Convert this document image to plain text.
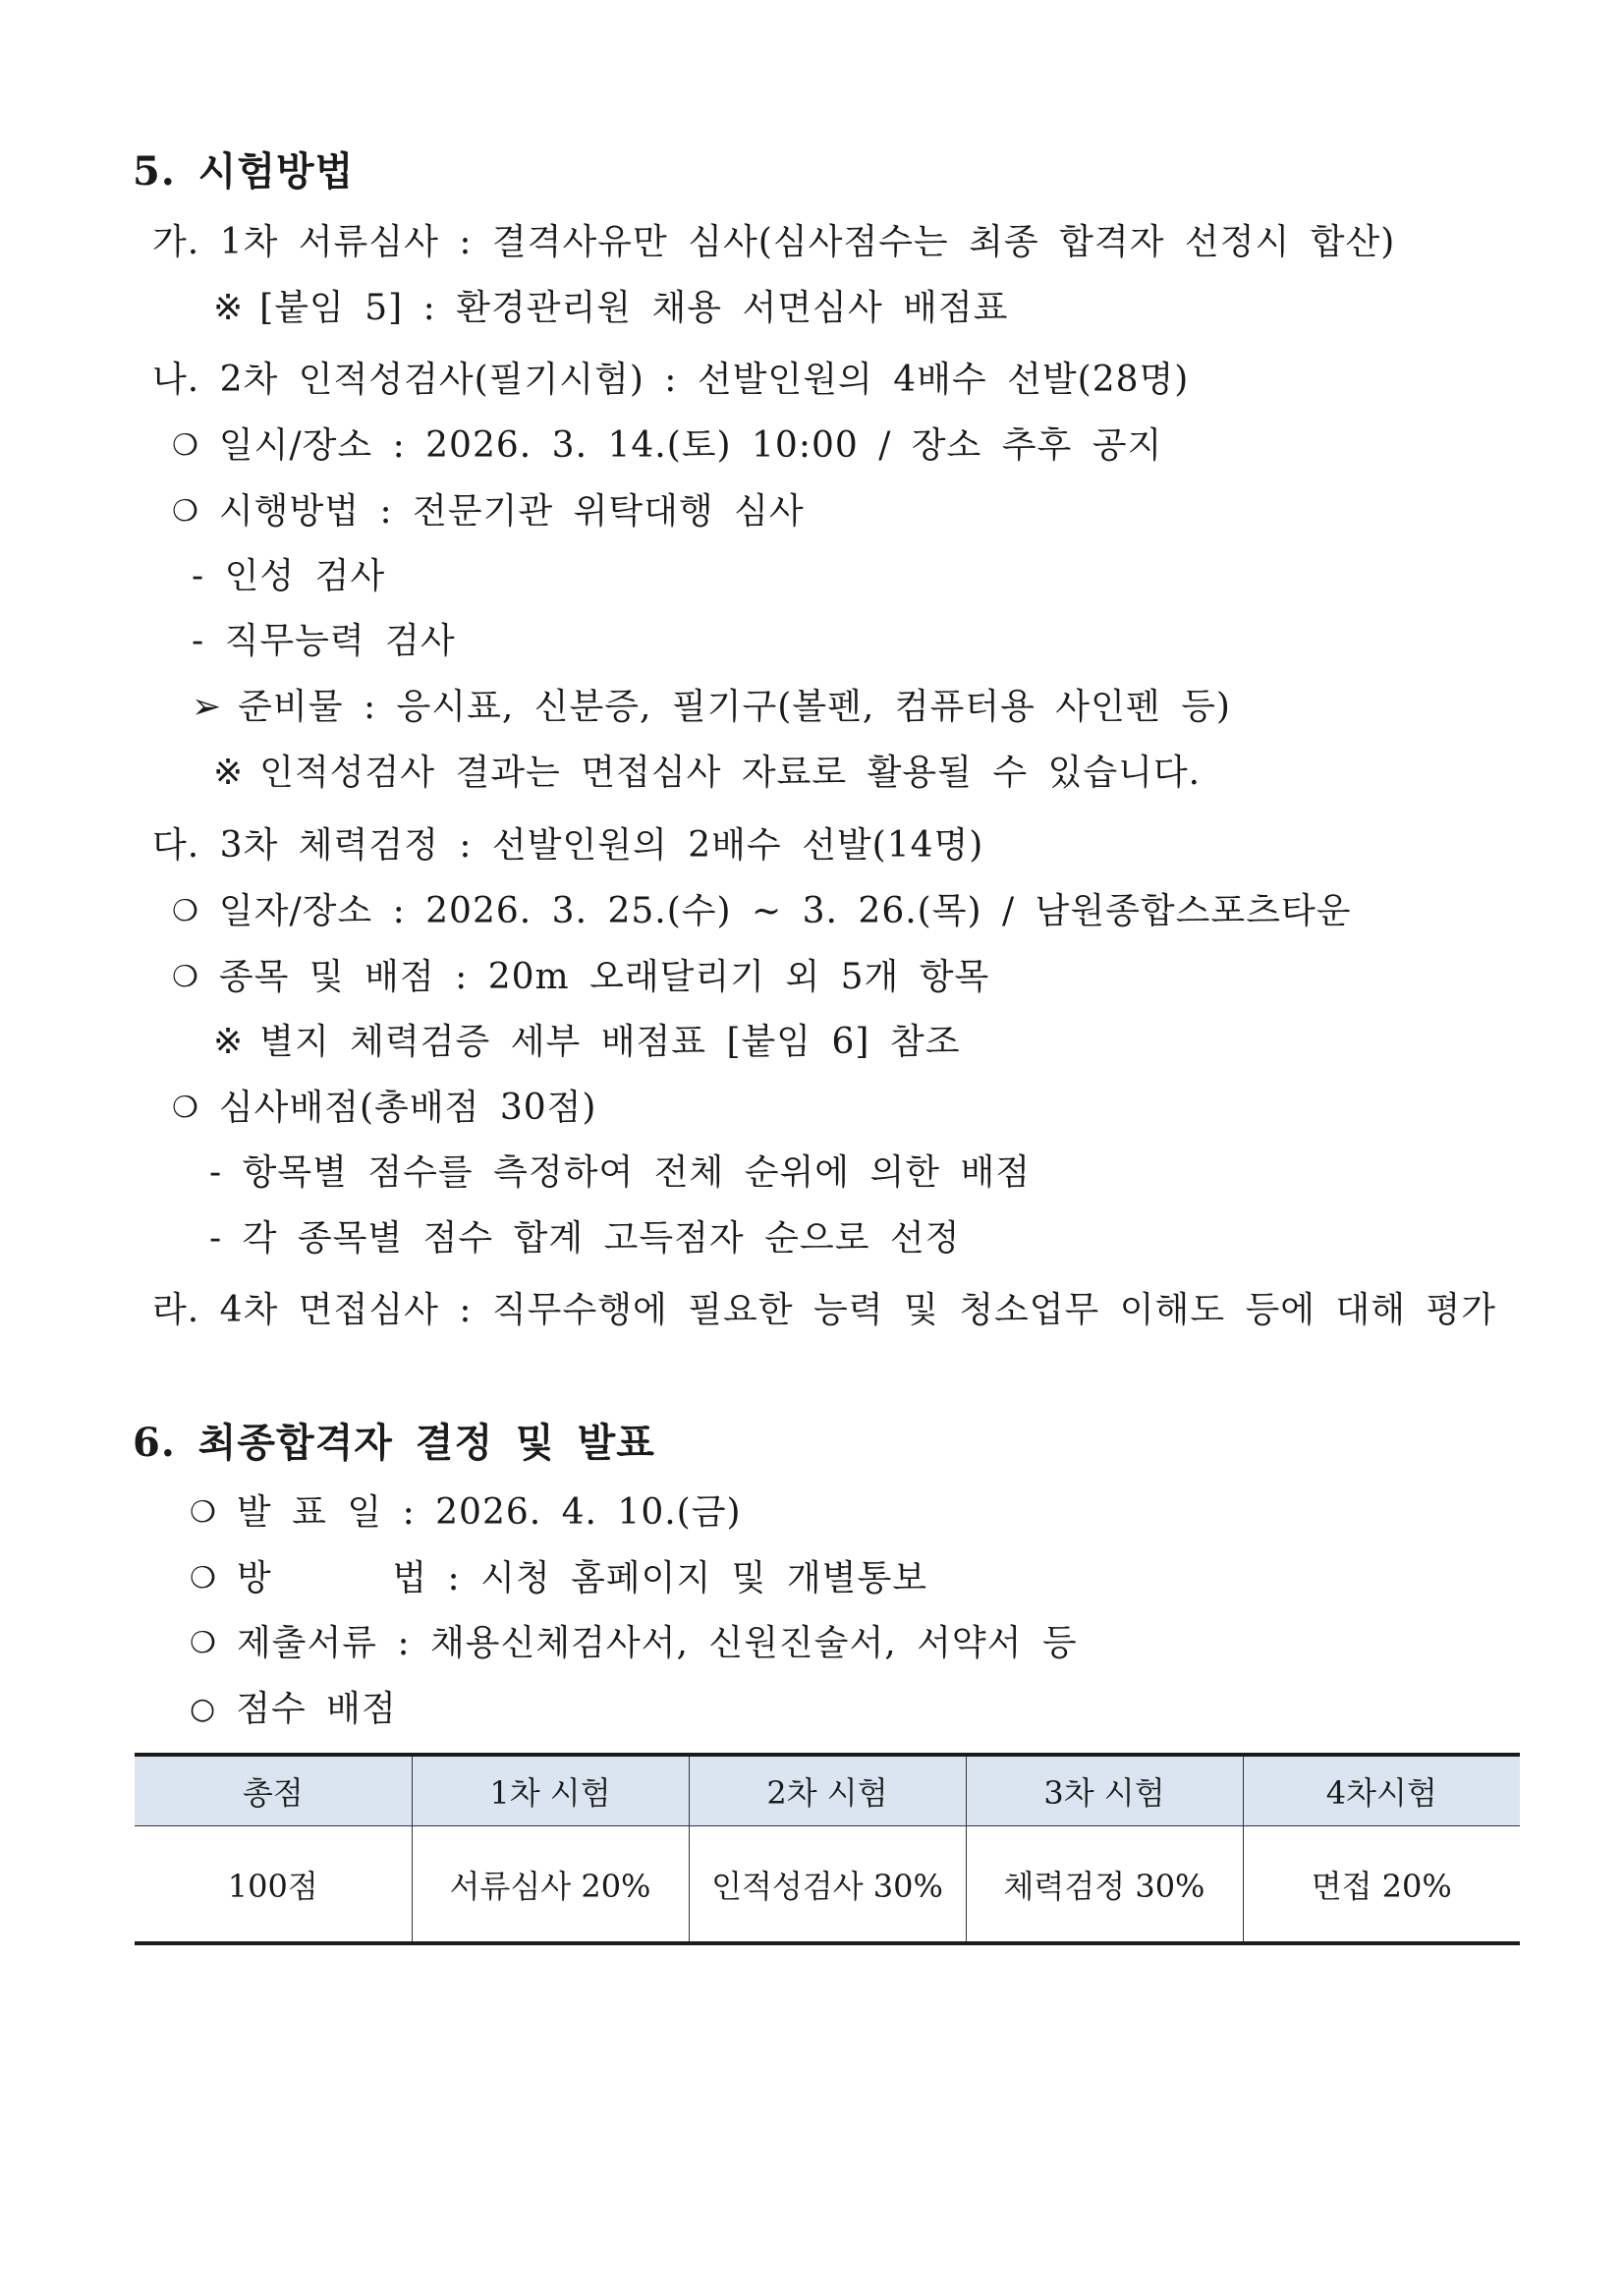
5. 시험방법
가. 1차 서류심사 : 결격사유만 심사(심사점수는 최종 합격자 선정시 합산)
※ [붙임 5] : 환경관리원 채용 서면심사 배점표
나. 2차 인적성검사(필기시험) : 선발인원의 4배수 선발(28명)
❍ 일시/장소 : 2026. 3. 14.(토) 10:00 / 장소 추후 공지
❍ 시행방법 : 전문기관 위탁대행 심사
- 인성 검사
- 직무능력 검사
➢ 준비물 : 응시표, 신분증, 필기구(볼펜, 컴퓨터용 사인펜 등)
※ 인적성검사 결과는 면접심사 자료로 활용될 수 있습니다.
다. 3차 체력검정 : 선발인원의 2배수 선발(14명)
❍ 일자/장소 : 2026. 3. 25.(수) ~ 3. 26.(목) / 남원종합스포츠타운
❍ 종목 및 배점 : 20m 오래달리기 외 5개 항목
※ 별지 체력검증 세부 배점표 [붙임 6] 참조
❍ 심사배점(총배점 30점)
- 항목별 점수를 측정하여 전체 순위에 의한 배점
- 각 종목별 점수 합계 고득점자 순으로 선정
라. 4차 면접심사 : 직무수행에 필요한 능력 및 청소업무 이해도 등에 대해 평가
6. 최종합격자 결정 및 발표
❍ 발 표 일 : 2026. 4. 10.(금)
❍ 방      법 : 시청 홈페이지 및 개별통보
❍ 제출서류 : 채용신체검사서, 신원진술서, 서약서 등
○ 점수 배점
총점	1차 시험	2차 시험	3차 시험	4차시험
100점	서류심사 20%	인적성검사 30%	체력검정 30%	면접 20%
